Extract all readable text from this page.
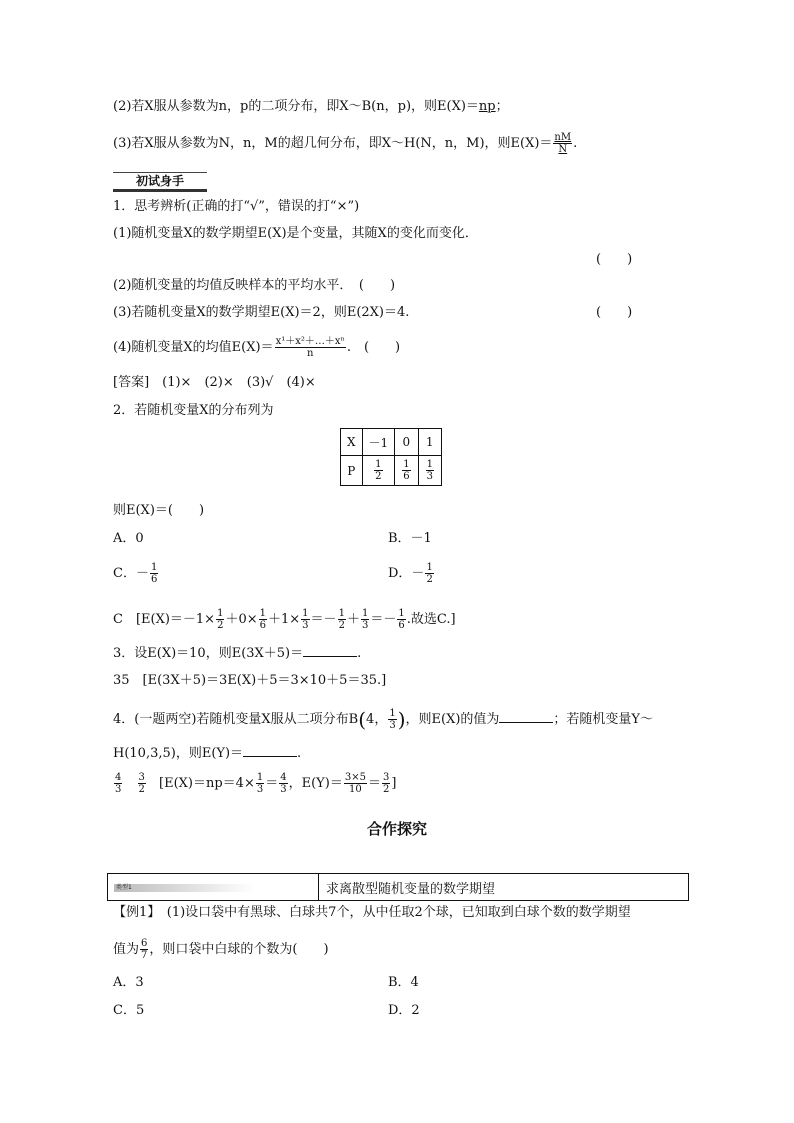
(2)若X服从参数为n，p的二项分布，即X～B(n，p)，则E(X)＝np；
(3)若X服从参数为N，n，M的超几何分布，即X～H(N，n，M)，则$E(X)= \frac{nM}{N}$ .
初试身手
1．思考辨析(正确的打“√”，错误的打“×”)
(1)随机变量X的数学期望E(X)是个变量，其随X的变化而变化．
(　　)
(2)随机变量的均值反映样本的平均水平．　(　　)
(3)若随机变量X的数学期望E(X)＝2，则E(2X)＝4.	(　　)
(4)随机变量X的均值$E(X)= \frac{\text{x¹＋x²＋…＋xⁿ}}{n}$ .　(　　)
[答案]　(1)×　(2)×　(3)√　(4)×
2．若随机变量X的分布列为
X	－1	0	1
P	$\frac{1}{2}$	$\frac{1}{6}$	$\frac{1}{3}$
则E(X)＝(　　)
A．0	B．－1
C．－ $\frac{1}{6}$	D．－ $\frac{1}{2}$
C　[$E(X)=-1\times \frac{1}{2} +0\times \frac{1}{6} +1\times \frac{1}{3} =- \frac{1}{2} + \frac{1}{3} =- \frac{1}{6}$ .故选C.]
3．设E(X)＝10，则E(3X＋5)＝	.
35　[E(3X＋5)＝3E(X)＋5＝3×10＋5＝35.]
4．(一题两空)若随机变量X服从二项分布B(4， $\frac{1}{3}$ )，则E(X)的值为	；若随机变量Y～
H(10,3,5)，则E(Y)＝	.
$\frac{4}{3}$
$\frac{3}{2} [E(X)=np=4\times \frac{1}{3} = \frac{4}{3}$ ，$E(Y)= \frac{3\times 5}{10} = \frac{3}{2}$ ]
合作探究
类型1	求离散型随机变量的数学期望
【例1】　(1)设口袋中有黑球、白球共7个，从中任取2个球，已知取到白球个数的数学期望
值为 $\frac{6}{7}$ ，则口袋中白球的个数为(　　)
A．3	B．4
C．5	D．2
